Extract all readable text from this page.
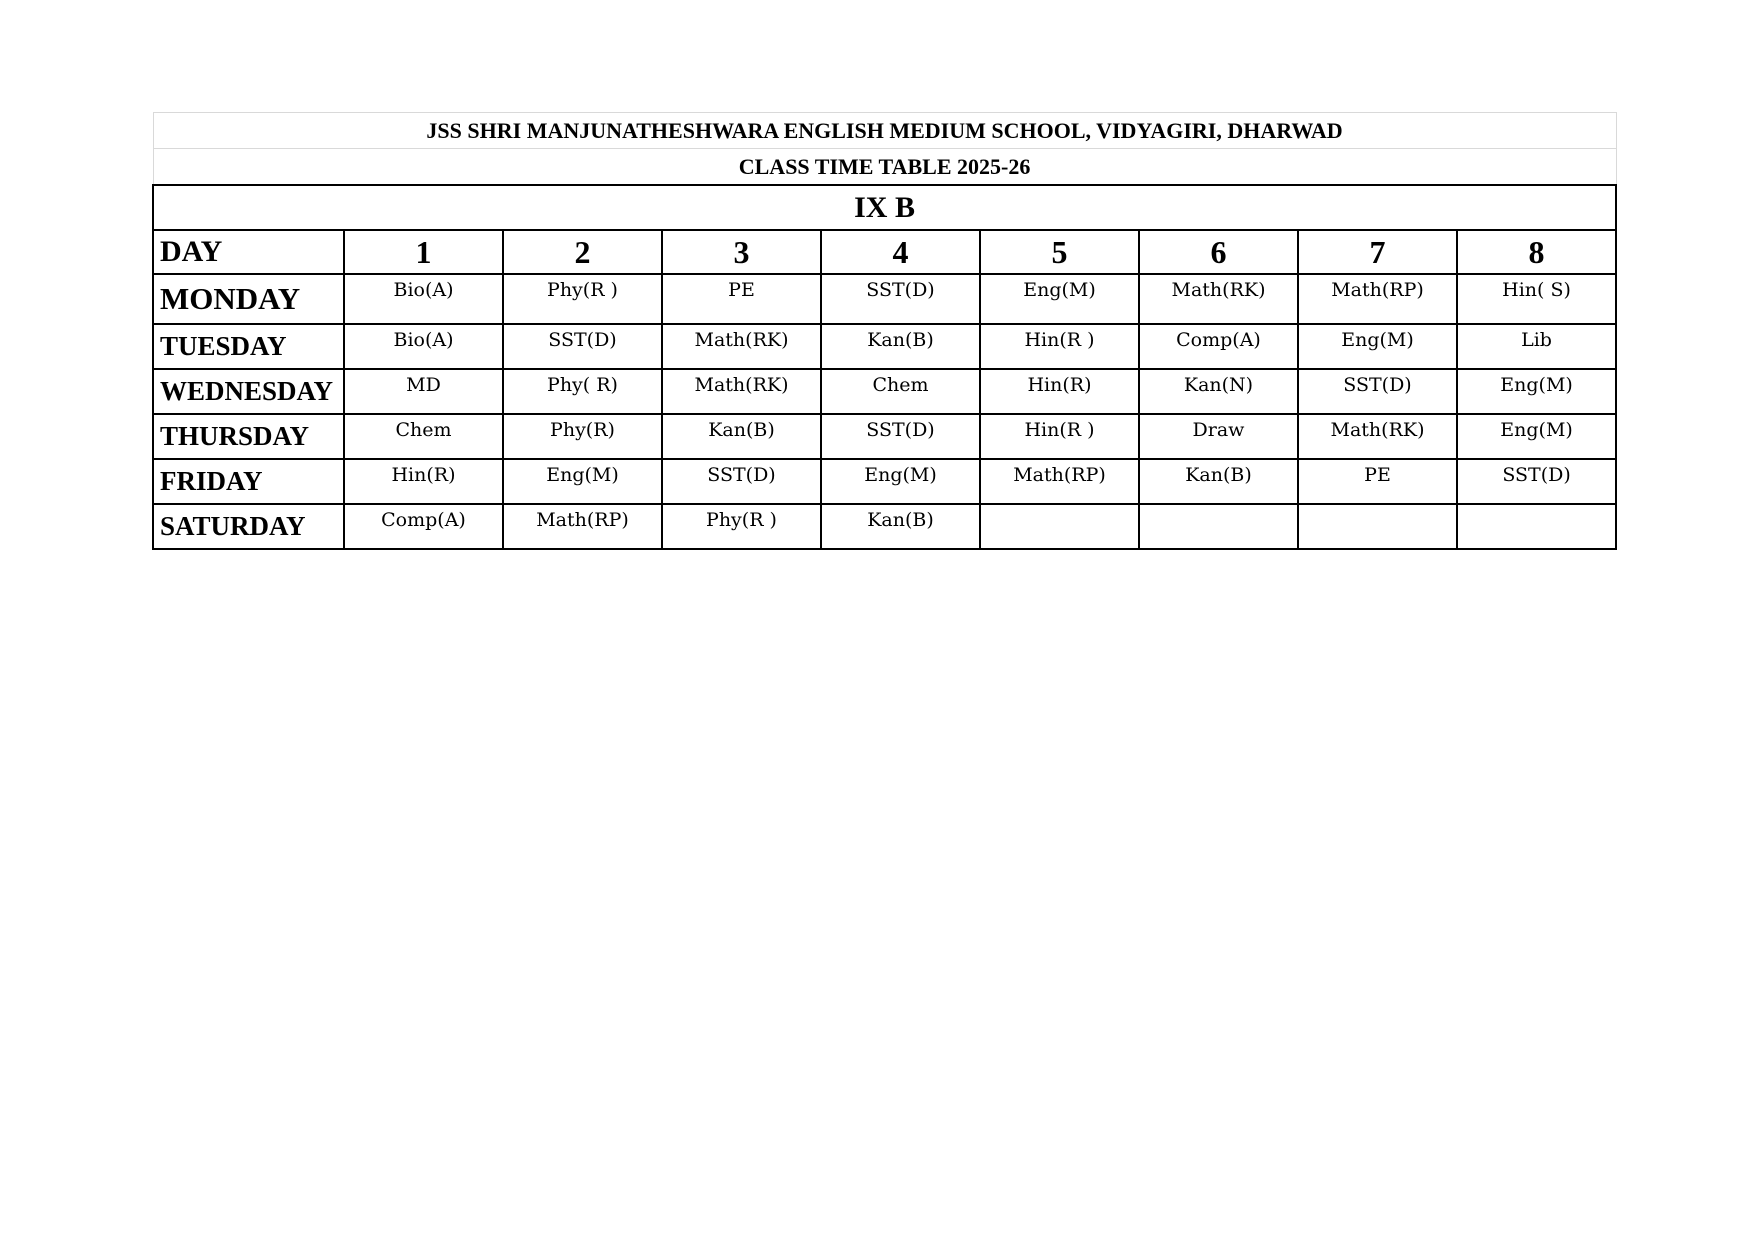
JSS SHRI MANJUNATHESHWARA ENGLISH MEDIUM SCHOOL, VIDYAGIRI, DHARWAD								
CLASS TIME TABLE 2025-26								
IX B								
DAY	1	2	3	4	5	6	7	8
MONDAY	Bio(A)	Phy(R )	PE	SST(D)	Eng(M)	Math(RK)	Math(RP)	Hin( S)
TUESDAY	Bio(A)	SST(D)	Math(RK)	Kan(B)	Hin(R )	Comp(A)	Eng(M)	Lib
WEDNESDAY	MD	Phy( R)	Math(RK)	Chem	Hin(R)	Kan(N)	SST(D)	Eng(M)
THURSDAY	Chem	Phy(R)	Kan(B)	SST(D)	Hin(R )	Draw	Math(RK)	Eng(M)
FRIDAY	Hin(R)	Eng(M)	SST(D)	Eng(M)	Math(RP)	Kan(B)	PE	SST(D)
SATURDAY	Comp(A)	Math(RP)	Phy(R )	Kan(B)				
